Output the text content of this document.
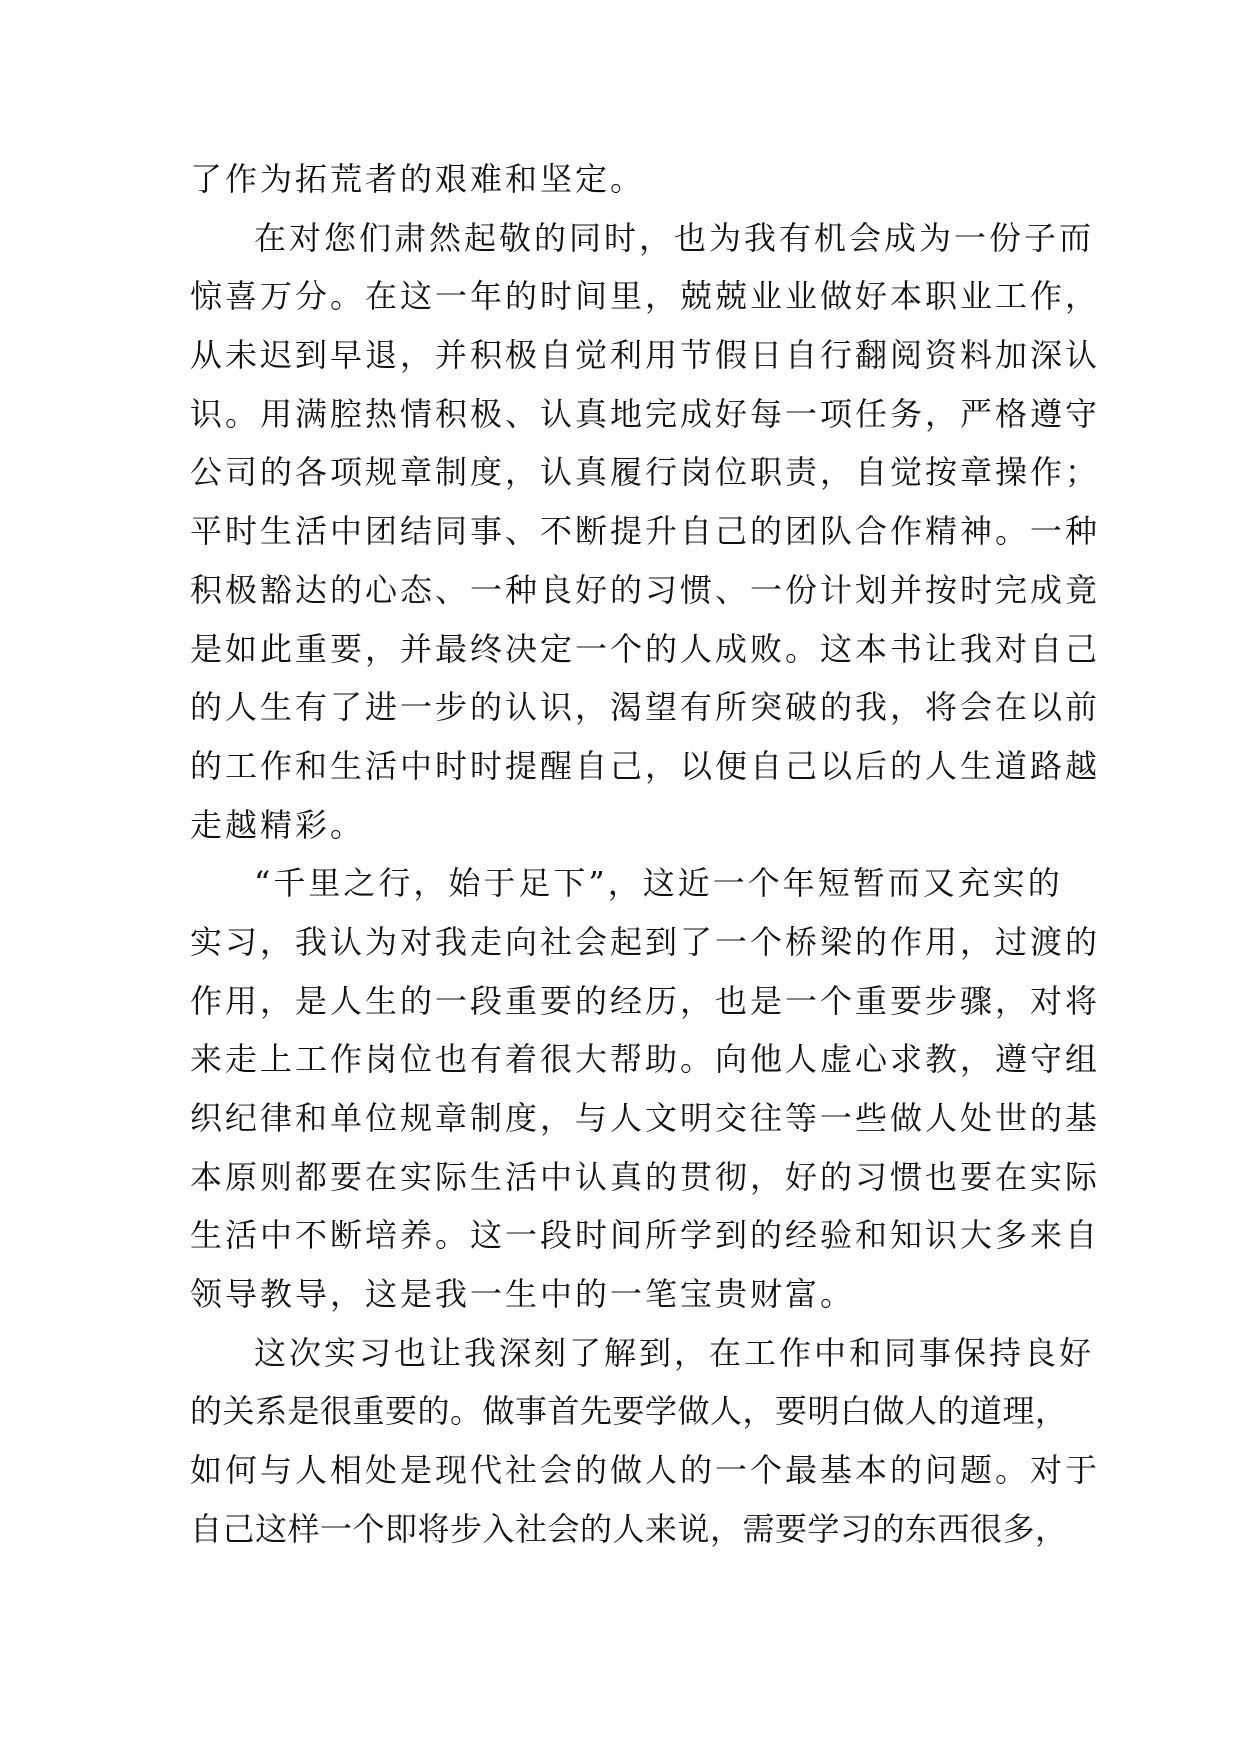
了作为拓荒者的艰难和坚定。
在对您们肃然起敬的同时，也为我有机会成为一份子而
惊喜万分。在这一年的时间里，兢兢业业做好本职业工作，
从未迟到早退，并积极自觉利用节假日自行翻阅资料加深认
识。用满腔热情积极、认真地完成好每一项任务，严格遵守
公司的各项规章制度，认真履行岗位职责，自觉按章操作；
平时生活中团结同事、不断提升自己的团队合作精神。一种
积极豁达的心态、一种良好的习惯、一份计划并按时完成竟
是如此重要，并最终决定一个的人成败。这本书让我对自己
的人生有了进一步的认识，渴望有所突破的我，将会在以前
的工作和生活中时时提醒自己，以便自己以后的人生道路越
走越精彩。
“千里之行，始于足下”，这近一个年短暂而又充实的
实习，我认为对我走向社会起到了一个桥梁的作用，过渡的
作用，是人生的一段重要的经历，也是一个重要步骤，对将
来走上工作岗位也有着很大帮助。向他人虚心求教，遵守组
织纪律和单位规章制度，与人文明交往等一些做人处世的基
本原则都要在实际生活中认真的贯彻，好的习惯也要在实际
生活中不断培养。这一段时间所学到的经验和知识大多来自
领导教导，这是我一生中的一笔宝贵财富。
这次实习也让我深刻了解到，在工作中和同事保持良好
的关系是很重要的。做事首先要学做人，要明白做人的道理，
如何与人相处是现代社会的做人的一个最基本的问题。对于
自己这样一个即将步入社会的人来说，需要学习的东西很多，
